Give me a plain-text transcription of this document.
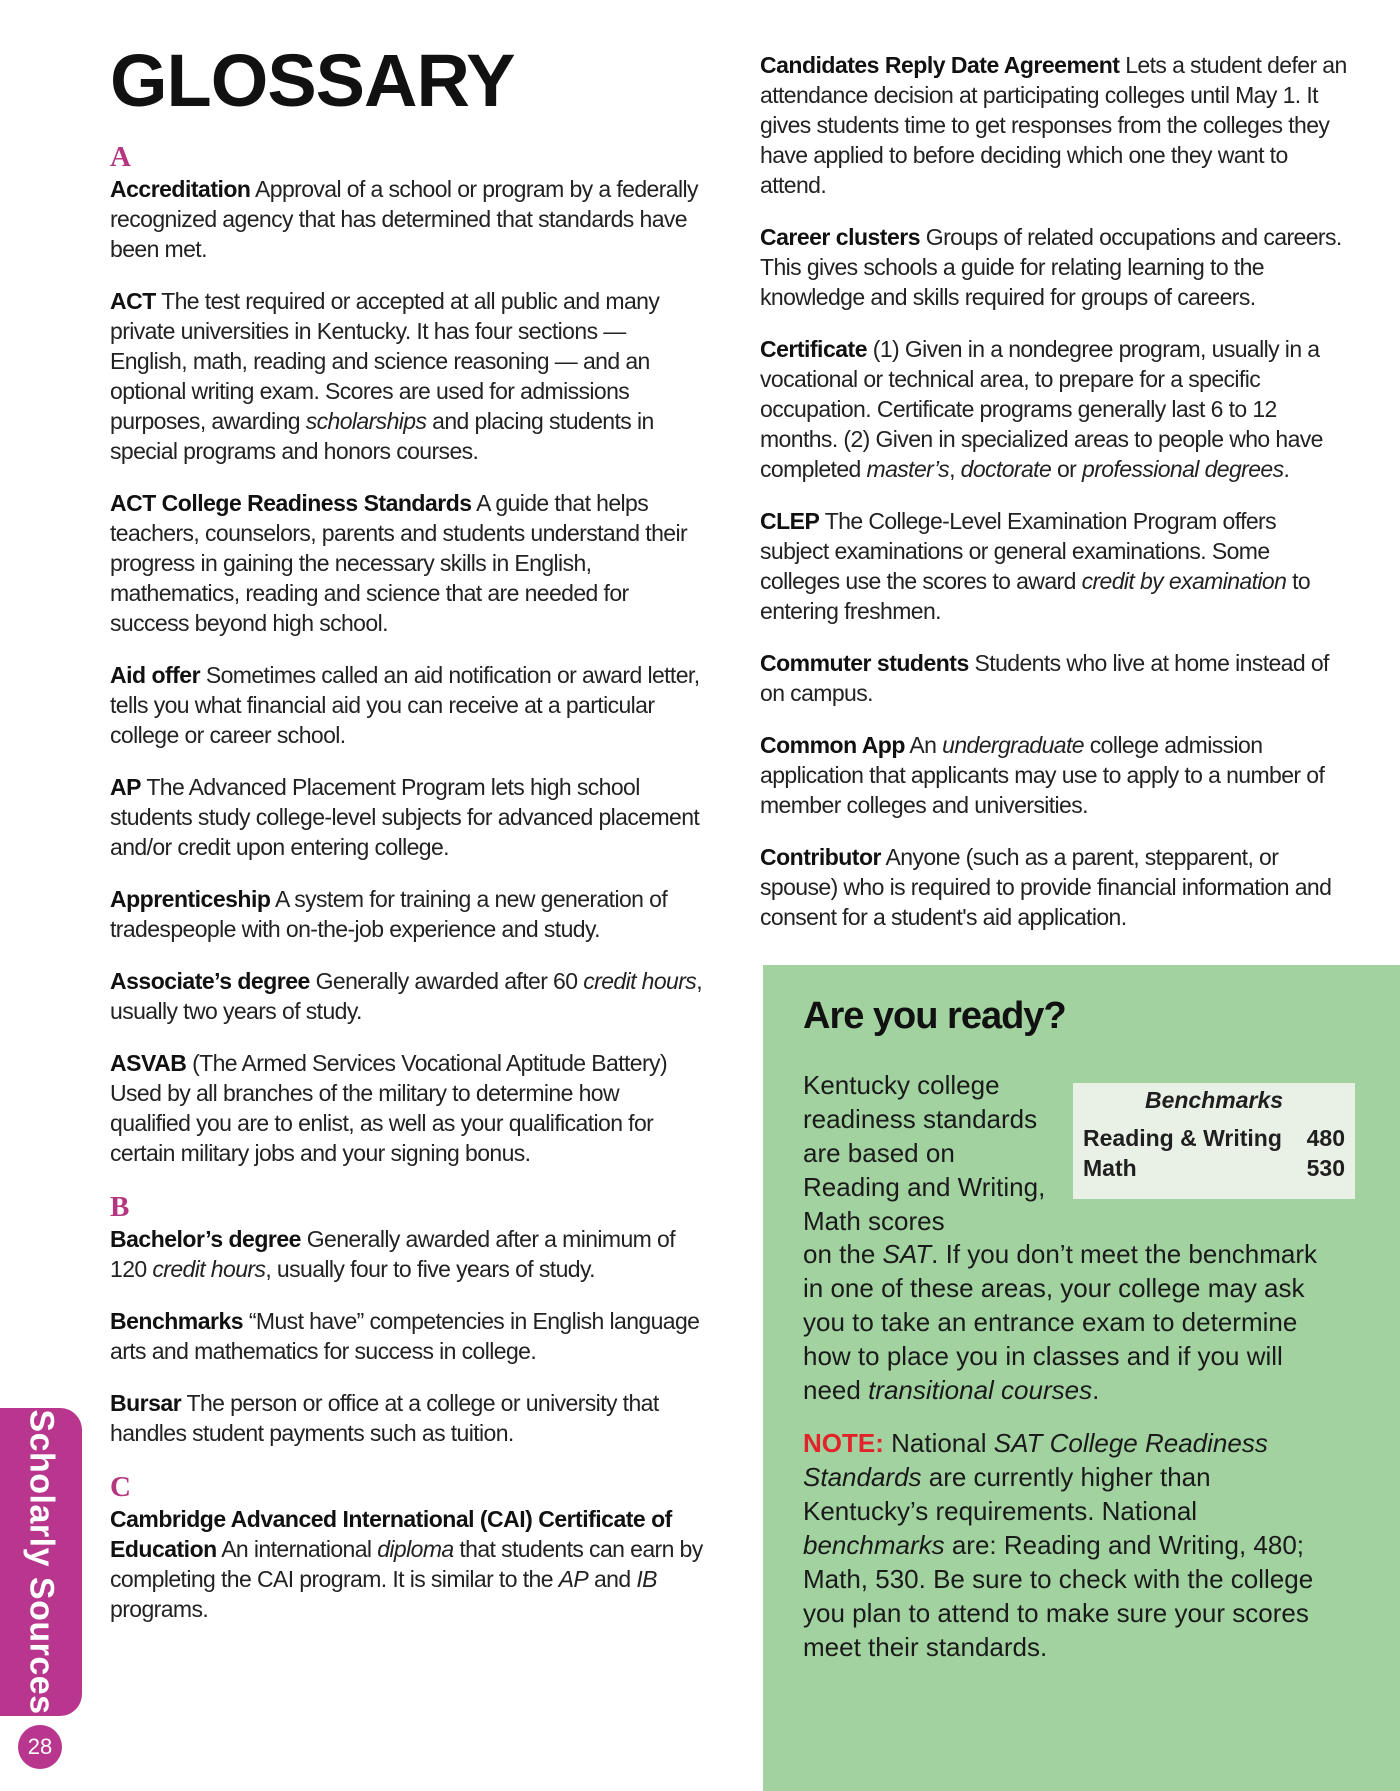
GLOSSARY
A

Accreditation Approval of a school or program by a federally recognized agency that has determined that standards have been met.

ACT The test required or accepted at all public and many private universities in Kentucky. It has four sections — English, math, reading and science reasoning — and an optional writing exam. Scores are used for admissions purposes, awarding scholarships and placing students in special programs and honors courses.

ACT College Readiness Standards A guide that helps teachers, counselors, parents and students understand their progress in gaining the necessary skills in English, mathematics, reading and science that are needed for success beyond high school.

Aid offer Sometimes called an aid notification or award letter, tells you what financial aid you can receive at a particular college or career school.

AP The Advanced Placement Program lets high school students study college-level subjects for advanced placement and/or credit upon entering college.

Apprenticeship A system for training a new generation of tradespeople with on-the-job experience and study.

Associate’s degree Generally awarded after 60 credit hours, usually two years of study.

ASVAB (The Armed Services Vocational Aptitude Battery) Used by all branches of the military to determine how qualified you are to enlist, as well as your qualification for certain military jobs and your signing bonus.

B

Bachelor’s degree Generally awarded after a minimum of 120 credit hours, usually four to five years of study.

Benchmarks “Must have” competencies in English language arts and mathematics for success in college.

Bursar The person or office at a college or university that handles student payments such as tuition.

C

Cambridge Advanced International (CAI) Certificate of Education An international diploma that students can earn by completing the CAI program. It is similar to the AP and IB programs.

Candidates Reply Date Agreement Lets a student defer an attendance decision at participating colleges until May 1. It gives students time to get responses from the colleges they have applied to before deciding which one they want to attend.

Career clusters Groups of related occupations and careers. This gives schools a guide for relating learning to the knowledge and skills required for groups of careers.

Certificate (1) Given in a nondegree program, usually in a vocational or technical area, to prepare for a specific occupation. Certificate programs generally last 6 to 12 months. (2) Given in specialized areas to people who have completed master’s, doctorate or professional degrees.

CLEP The College-Level Examination Program offers subject examinations or general examinations. Some colleges use the scores to award credit by examination to entering freshmen.

Commuter students Students who live at home instead of on campus.

Common App An undergraduate college admission application that applicants may use to apply to a number of member colleges and universities.

Contributor Anyone (such as a parent, stepparent, or spouse) who is required to provide financial information and consent for a student's aid application.

Are you ready?

Kentucky college readiness standards are based on Reading and Writing, Math scores

Benchmarks

Reading & Writing 480
Math	530

on the SAT. If you don’t meet the benchmark in one of these areas, your college may ask you to take an entrance exam to determine how to place you in classes and if you will need transitional courses.

NOTE: National SAT College Readiness Standards are currently higher than Kentucky’s requirements. National benchmarks are: Reading and Writing, 480; Math, 530. Be sure to check with the college you plan to attend to make sure your scores meet their standards.

Scholarly Sources
28
